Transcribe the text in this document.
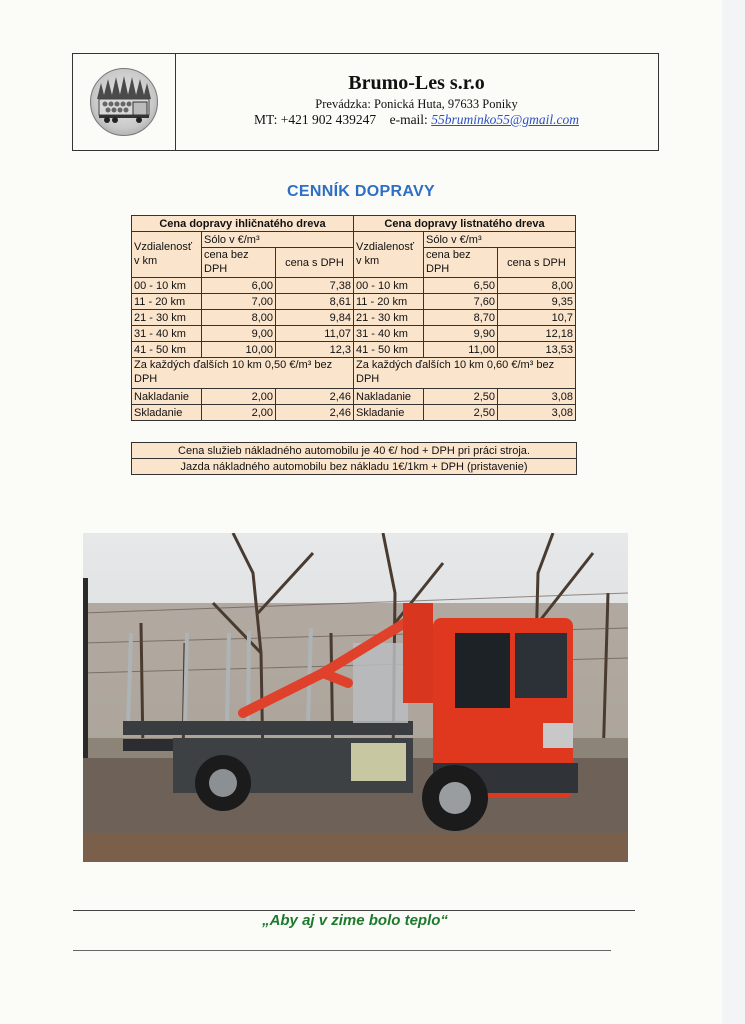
Brumo-Les s.r.o
Prevádzka: Ponická Huta, 97633 Poniky
MT: +421 902 439247 e-mail: 55bruminko55@gmail.com
CENNÍK DOPRAVY
Cena dopravy ihličnatého dreva			Cena dopravy listnatého dreva		
Vzdialenosť v km	Sólo v €/m³		Vzdialenosť v km	Sólo v €/m³	
	cena bez DPH	cena s DPH		cena bez DPH	cena s DPH
00 - 10 km	6,00	7,38	00 - 10 km	6,50	8,00
11 - 20 km	7,00	8,61	11 - 20 km	7,60	9,35
21 - 30 km	8,00	9,84	21 - 30 km	8,70	10,7
31 - 40 km	9,00	11,07	31 - 40 km	9,90	12,18
41 - 50 km	10,00	12,3	41 - 50 km	11,00	13,53
Za každých ďalších 10 km 0,50 €/m³ bez DPH			Za každých ďalších 10 km 0,60 €/m³ bez DPH		
Nakladanie	2,00	2,46	Nakladanie	2,50	3,08
Skladanie	2,00	2,46	Skladanie	2,50	3,08
Cena služieb nákladného automobilu je 40 €/ hod + DPH pri práci stroja.
Jazda nákladného automobilu bez nákladu 1€/1km + DPH (pristavenie)
„Aby aj v zime bolo teplo“
